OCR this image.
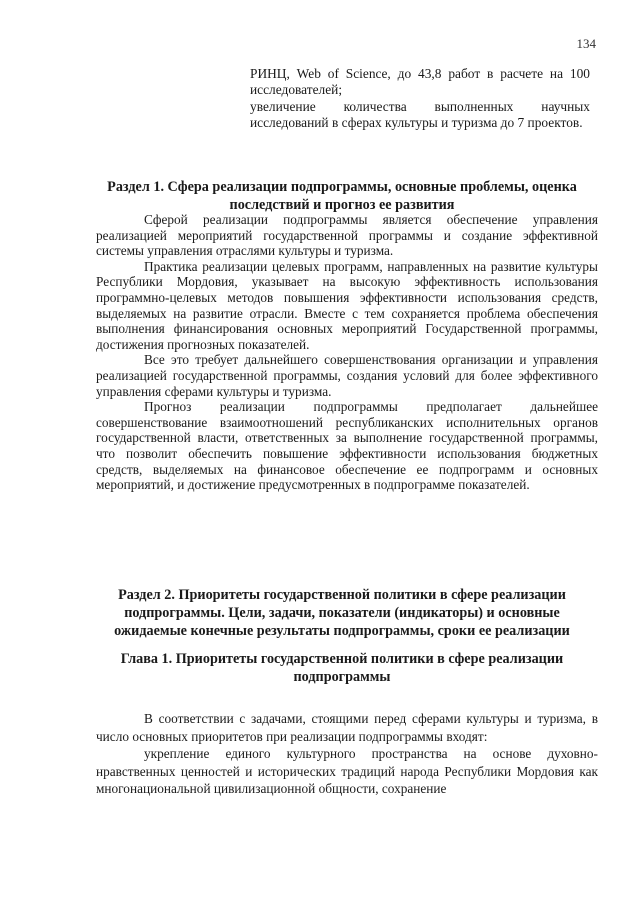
134

РИНЦ, Web of Science, до 43,8 работ в расчете на 100 исследователей;

увеличение количества выполненных научных исследований в сферах культуры и туризма до 7 проектов.

Раздел 1. Сфера реализации подпрограммы, основные проблемы, оценка
последствий и прогноз ее развития

Сферой реализации подпрограммы является обеспечение управления реализацией мероприятий государственной программы и создание эффективной системы управления отраслями культуры и туризма.

Практика реализации целевых программ, направленных на развитие культуры Республики Мордовия, указывает на высокую эффективность использования программно-целевых методов повышения эффективности использования средств, выделяемых на развитие отрасли. Вместе с тем сохраняется проблема обеспечения выполнения финансирования основных мероприятий Государственной программы, достижения прогнозных показателей.

Все это требует дальнейшего совершенствования организации и управления реализацией государственной программы, создания условий для более эффективного управления сферами культуры и туризма.

Прогноз реализации подпрограммы предполагает дальнейшее совершенствование взаимоотношений республиканских исполнительных органов государственной власти, ответственных за выполнение государственной программы, что позволит обеспечить повышение эффективности использования бюджетных средств, выделяемых на финансовое обеспечение ее подпрограмм и основных мероприятий, и достижение предусмотренных в подпрограмме показателей.

Раздел 2. Приоритеты государственной политики в сфере реализации
подпрограммы. Цели, задачи, показатели (индикаторы) и основные
ожидаемые конечные результаты подпрограммы, сроки ее реализации
Глава 1. Приоритеты государственной политики в сфере реализации
подпрограммы

В соответствии с задачами, стоящими перед сферами культуры и туризма, в число основных приоритетов при реализации подпрограммы входят:

укрепление единого культурного пространства на основе духовно-нравственных ценностей и исторических традиций народа Республики Мордовия как многонациональной цивилизационной общности, сохранение
